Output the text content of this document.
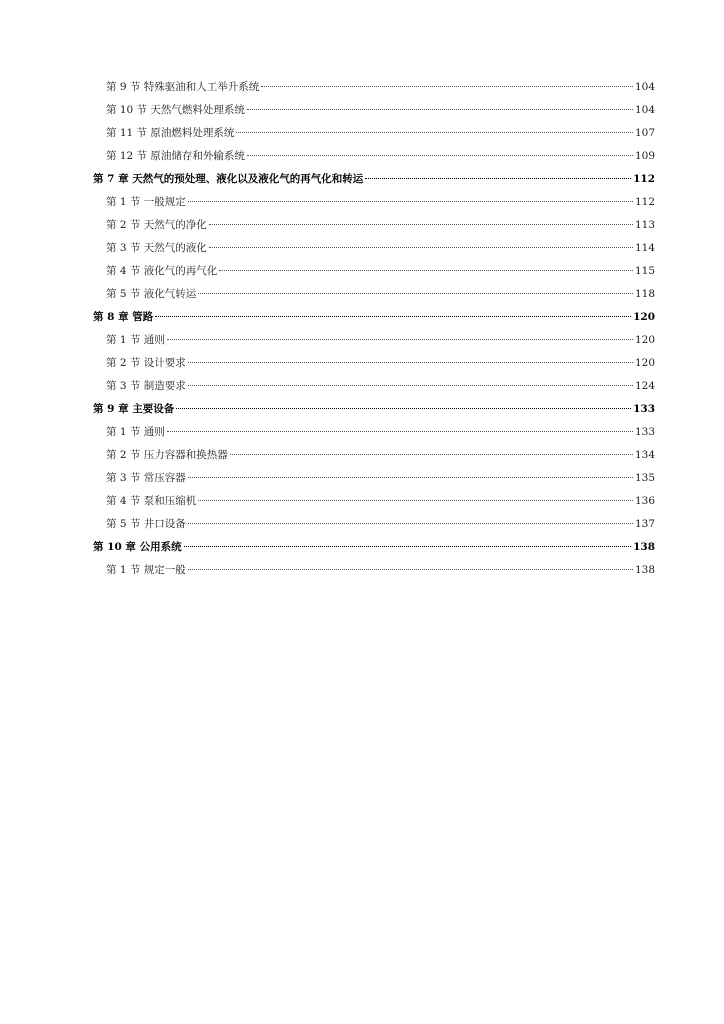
第 9 节 特殊驱油和人工举升系统	104
第 10 节 天然气燃料处理系统	104
第 11 节 原油燃料处理系统	107
第 12 节 原油储存和外输系统	109
第 7 章 天然气的预处理、液化以及液化气的再气化和转运	112
第 1 节 一般规定	112
第 2 节 天然气的净化	113
第 3 节 天然气的液化	114
第 4 节 液化气的再气化	115
第 5 节 液化气转运	118
第 8 章 管路	120
第 1 节 通则	120
第 2 节 设计要求	120
第 3 节 制造要求	124
第 9 章 主要设备	133
第 1 节 通则	133
第 2 节 压力容器和换热器	134
第 3 节 常压容器	135
第 4 节 泵和压缩机	136
第 5 节 井口设备	137
第 10 章 公用系统	138
第 1 节 规定一般	138
